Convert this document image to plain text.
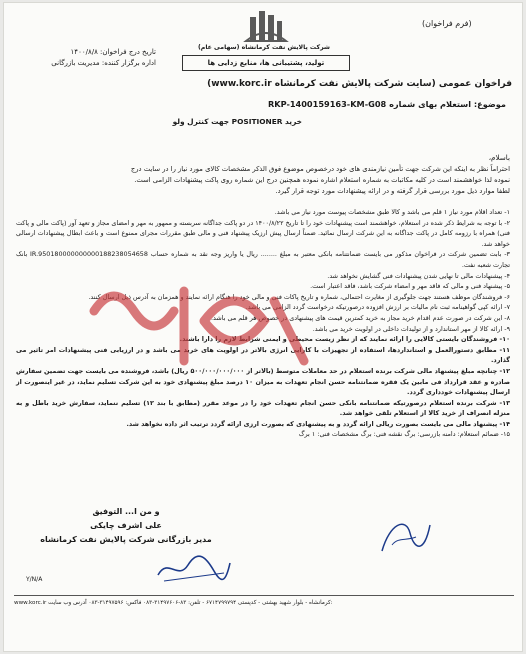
(فرم فراخوان)
شرکت پالایش نفت کرمانشاه (سهامی عام)
تولید، پشتیبانی ها، منابع زدایی ها
تاریخ درج فراخوان: ۱۴۰۰/۸/۸
اداره برگزار کننده: مدیریت بازرگانی
فراخوان عمومی (سایت شرکت پالایش نفت کرمانشاه www.korc.ir)
موضوع: استعلام بهای شماره RKP-1400159163-KM-G08
خرید POSITIONER جهت کنترل ولو
باسلام،
احتراماً نظر به اینکه این شرکت جهت تأمین نیازمندی های خود درخصوص موضوع فوق الذکر مشخصات کالای مورد نیاز را در سایت درج
نموده لذا خواهشمند است در کلیه مکاتبات به شماره استعلام اشاره نموده همچنین درج این شماره روی پاکت پیشنهادات الزامی است.
لطفا موارد ذیل مورد بررسی قرار گرفته و در ارائه پیشنهادات مورد توجه قرار گیرد.
۱- تعداد اقلام مورد نیاز ۱ قلم می باشد و کالا طبق مشخصات پیوست مورد نیاز می باشد.
۲- با توجه به شرایط ذکر شده در استعلام، خواهشمند است پیشنهادات خود را تا تاریخ ۱۴۰۰/۸/۲۲ در دو پاکت جداگانه سربسته و ممهور به مهر و امضای مجاز و تعهد آور (پاکت مالی و پاکت فنی) همراه با رزومه کامل در پاکت جداگانه به این شرکت ارسال نمائید. ضمناً ارسال پیش ارزیک پیشنهاد فنی و مالی طبق مقررات مجرای ممنوع است و باعث ابطال پیشنهادات ارسالی خواهد شد.
۳- بابت تضمین شرکت در فراخوان مذکور می بایست ضمانتنامه بانکی معتبر به مبلغ ........ ریال یا واریز وجه نقد به شماره حساب IR.950180000000000188238054658 بانک تجارت شعبه نفت.
۴- پیشنهادات مالی تا نهایی شدن پیشنهادات فنی گشایش نخواهد شد.
۵- پیشنهاد فنی و مالی که فاقد مهر و امضاء شرکت باشد، فاقد اعتبار است.
۶- فروشندگان موظف هستند جهت جلوگیری از مغایرت احتمالی، شماره و تاریخ پاکات فنی و مالی خود را هنگام ارائه نمایند و همزمان به آدرس ذیل ارسال کنند.
۷- ارائه کپی گواهینامه ثبت نام مالیات بر ارزش افزوده درصورتیکه درخواست گردد الزامی می باشد.
۸- این شرکت در صورت عدم اقدام خرید مجاز به خرید کمترین قیمت های پیشنهادی در خصوص هر قلم می باشد.
۹- ارائه کالا از مهر استاندارد و از تولیدات داخلی در اولویت خرید می باشد.
۱۰- فروشندگان بایستی کالایی را ارائه نمایند که از نظر زیست محیطی و ایمنی شرایط لازم را دارا باشند.
۱۱- مطابق دستورالعمل و استانداردها، استفاده از تجهیزات با کارایی انرژی بالاتر در اولویت های خرید می باشد و در ارزیابی فنی پیشنهادات امر تاثیر می گذارد.
۱۲- چنانچه مبلغ پیشنهاد مالی شرکت برنده استعلام در حد معاملات متوسط (بالاتر از ۵۰۰/۰۰۰/۰۰۰/۰۰۰ ریال) باشد، فروشنده می بایست جهت تضمین سفارش صادره و عقد قرارداد فی مابین یک فقره ضمانتنامه حسن انجام تعهدات به میزان ۱۰ درصد مبلغ پیشنهادی خود به این شرکت تسلیم نماید، در غیر اینصورت از ارسال پیشنهادات خودداری گردد.
۱۳- شرکت برنده استعلام درصورتیکه ضمانتنامه بانکی حسن انجام تعهدات خود را در موعد مقرر (مطابق با بند ۱۲) تسلیم ننماید، سفارش خرید باطل و به منزله انصراف از خرید کالا از استعلام تلقی خواهد شد.
۱۴- پیشنهاد مالی می بایست بصورت ریالی ارائه گردد و به پیشنهادی که بصورت ارزی ارائه گردد ترتیب اثر داده نخواهد شد.
۱۵- ضمائم استعلام: دامنه بازرسی: برگ نقشه فنی: برگ مشخصات فنی: ۱ برگ
و من ا... التوفیق
علی اشرف چایکی
مدیر بازرگانی شرکت پالایش نفت کرمانشاه
Y/N/A
www.korc.ir کرمانشاه - بلوار شهید بهشتی - کدپستی ۶۷۱۴۷۹۹۷۹۴ - تلفن: ۸۳-۳۱۴۹۷۶۰۶-۰۸۳ فاکس: ۳۱۴۹۷۵۹۶-۰۸۳ آدرس وب سایت:
